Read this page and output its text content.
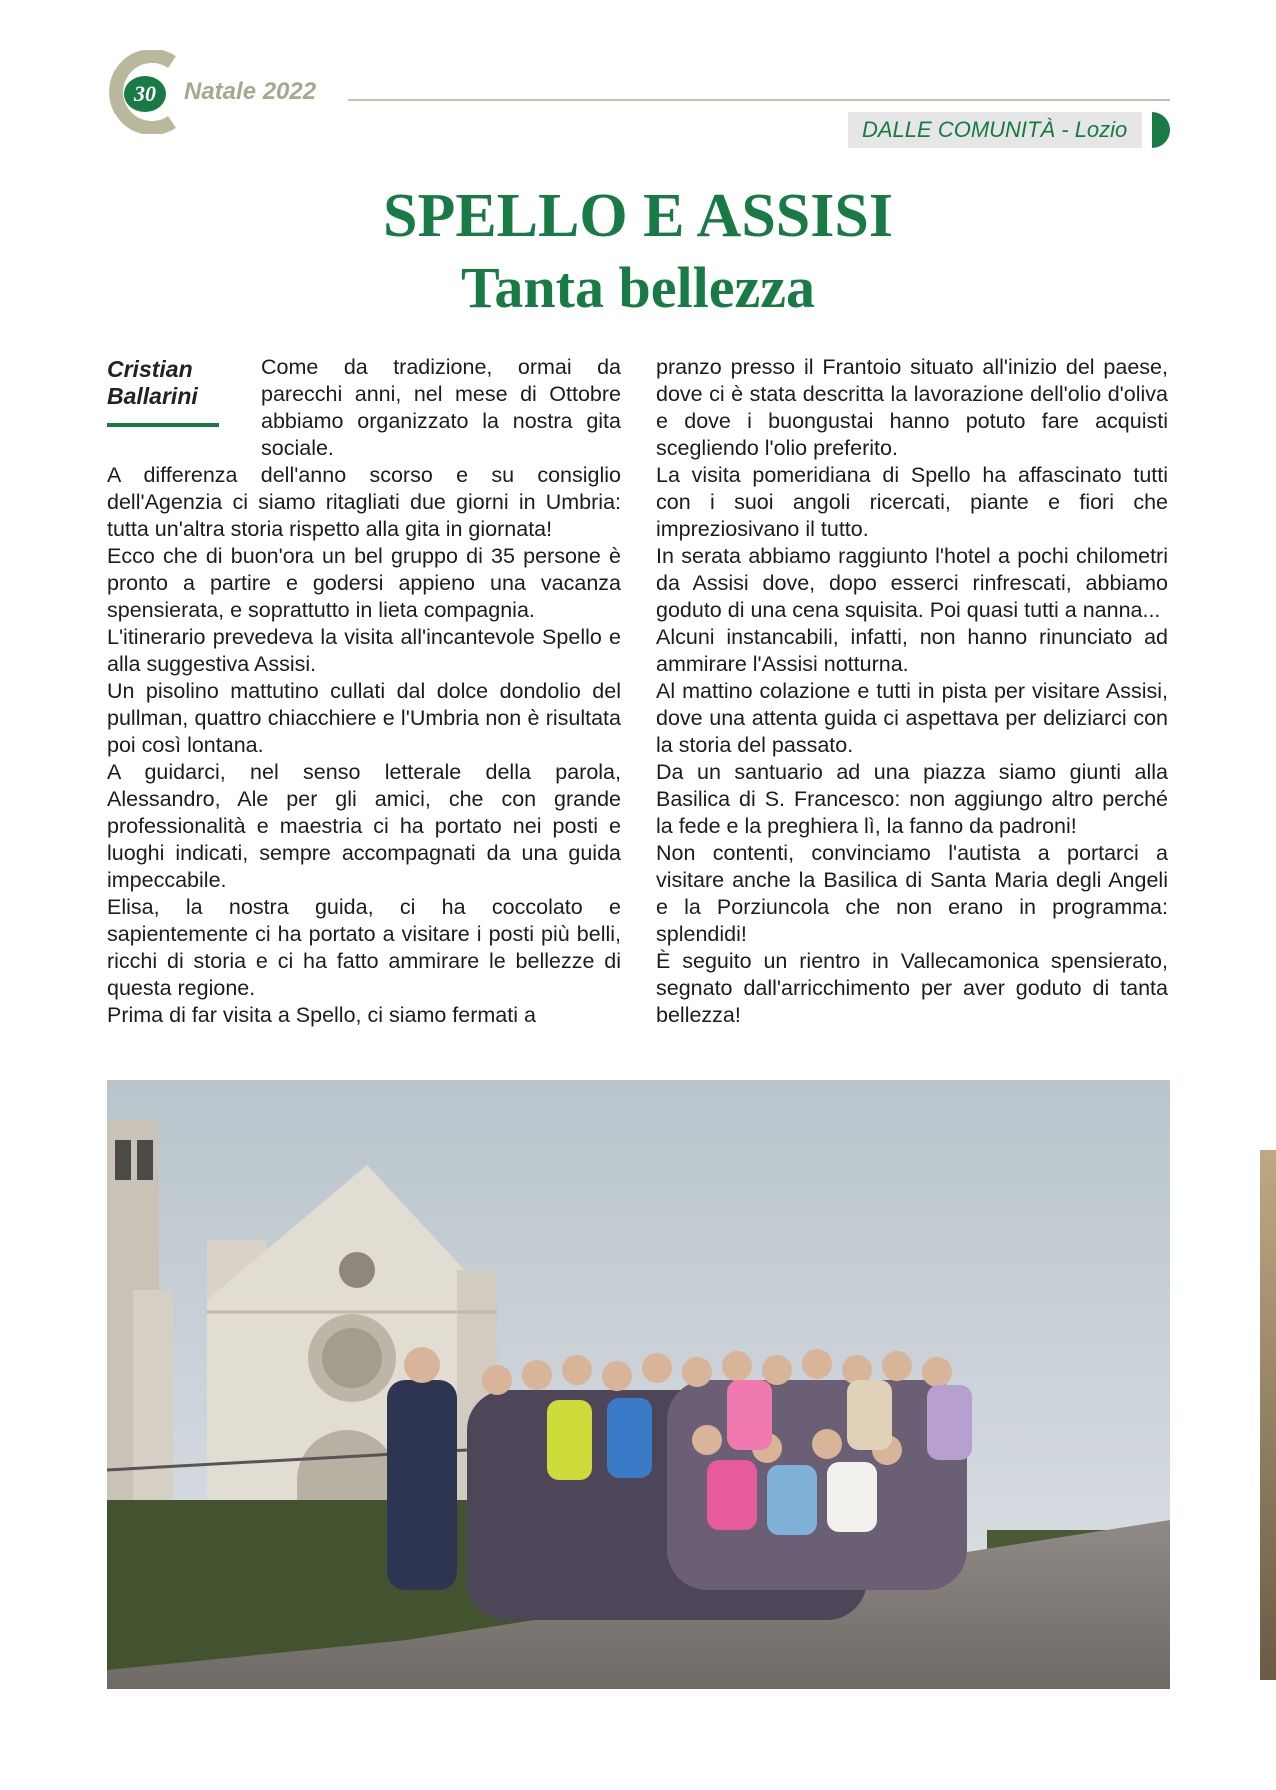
30	Natale 2022
DALLE COMUNITÀ - Lozio
SPELLO E ASSISI
Tanta bellezza
Cristian Ballarini

Come da tradizione, ormai da parecchi anni, nel mese di Ottobre abbiamo organizzato la nostra gita sociale.

A differenza dell'anno scorso e su consiglio dell'Agenzia ci siamo ritagliati due giorni in Umbria: tutta un'altra storia rispetto alla gita in giornata!

Ecco che di buon'ora un bel gruppo di 35 persone è pronto a partire e godersi appieno una vacanza spensierata, e soprattutto in lieta compagnia.

L'itinerario prevedeva la visita all'incantevole Spello e alla suggestiva Assisi.

Un pisolino mattutino cullati dal dolce dondolio del pullman, quattro chiacchiere e l'Umbria non è risultata poi così lontana.

A guidarci, nel senso letterale della parola, Alessandro, Ale per gli amici, che con grande professionalità e maestria ci ha portato nei posti e luoghi indicati, sempre accompagnati da una guida impeccabile.

Elisa, la nostra guida, ci ha coccolato e sapientemente ci ha portato a visitare i posti più belli, ricchi di storia e ci ha fatto ammirare le bellezze di questa regione.

Prima di far visita a Spello, ci siamo fermati a

pranzo presso il Frantoio situato all'inizio del paese, dove ci è stata descritta la lavorazione dell'olio d'oliva e dove i buongustai hanno potuto fare acquisti scegliendo l'olio preferito.

La visita pomeridiana di Spello ha affascinato tutti con i suoi angoli ricercati, piante e fiori che impreziosivano il tutto.

In serata abbiamo raggiunto l'hotel a pochi chilometri da Assisi dove, dopo esserci rinfrescati, abbiamo goduto di una cena squisita. Poi quasi tutti a nanna...

Alcuni instancabili, infatti, non hanno rinunciato ad ammirare l'Assisi notturna.

Al mattino colazione e tutti in pista per visitare Assisi, dove una attenta guida ci aspettava per deliziarci con la storia del passato.

Da un santuario ad una piazza siamo giunti alla Basilica di S. Francesco: non aggiungo altro perché la fede e la preghiera lì, la fanno da padroni!

Non contenti, convinciamo l'autista a portarci a visitare anche la Basilica di Santa Maria degli Angeli e la Porziuncola che non erano in programma: splendidi!

È seguito un rientro in Vallecamonica spensierato, segnato dall'arricchimento per aver goduto di tanta bellezza!
